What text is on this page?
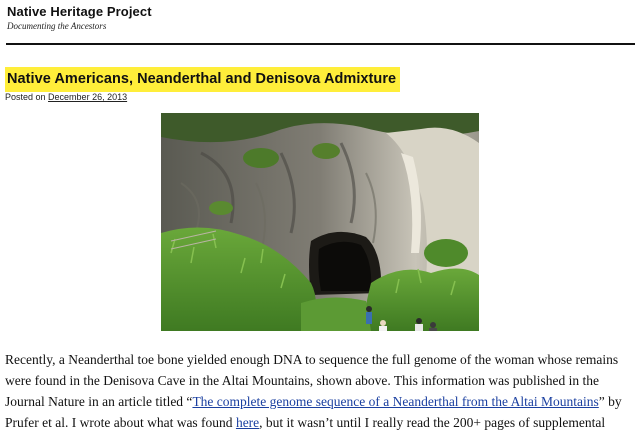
Native Heritage Project
Documenting the Ancestors
Native Americans, Neanderthal and Denisova Admixture
Posted on December 26, 2013

Recently, a Neanderthal toe bone yielded enough DNA to sequence the full genome of the woman whose remains

were found in the Denisova Cave in the Altai Mountains, shown above. This information was published in the

Journal Nature in an article titled “The complete genome sequence of a Neanderthal from the Altai Mountains” by

Prufer et al. I wrote about what was found here, but it wasn’t until I really read the 200+ pages of supplemental
